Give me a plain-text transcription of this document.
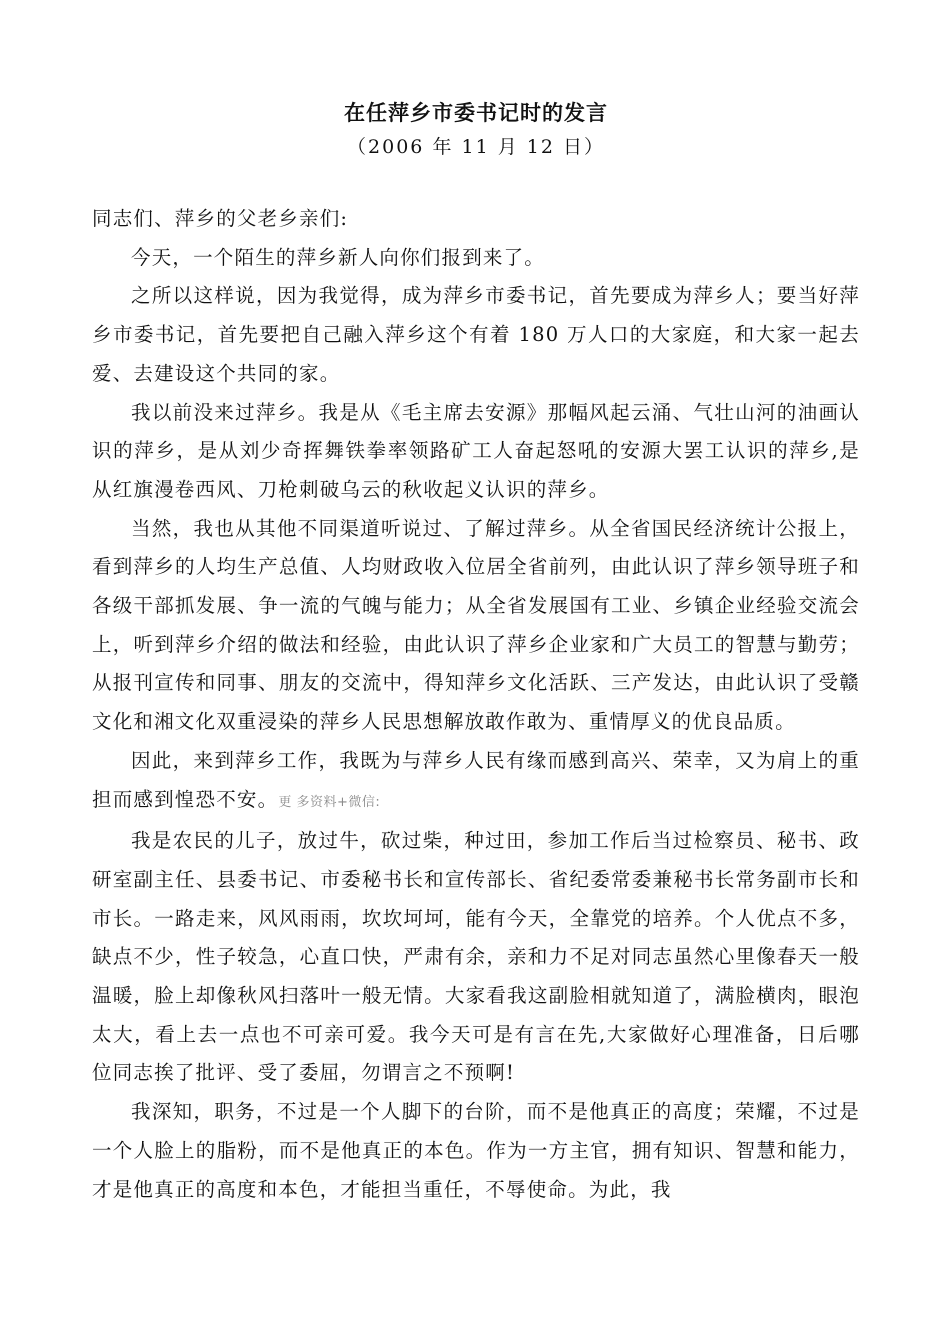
在任萍乡市委书记时的发言
（2006 年 11 月 12 日）

同志们、萍乡的父老乡亲们:

今天，一个陌生的萍乡新人向你们报到来了。

之所以这样说，因为我觉得，成为萍乡市委书记，首先要成为萍乡人；要当好萍乡市委书记，首先要把自己融入萍乡这个有着 180 万人口的大家庭，和大家一起去爱、去建设这个共同的家。

我以前没来过萍乡。我是从《毛主席去安源》那幅风起云涌、气壮山河的油画认识的萍乡，是从刘少奇挥舞铁拳率领路矿工人奋起怒吼的安源大罢工认识的萍乡,是从红旗漫卷西风、刀枪刺破乌云的秋收起义认识的萍乡。

当然，我也从其他不同渠道听说过、了解过萍乡。从全省国民经济统计公报上，看到萍乡的人均生产总值、人均财政收入位居全省前列，由此认识了萍乡领导班子和各级干部抓发展、争一流的气魄与能力；从全省发展国有工业、乡镇企业经验交流会上，听到萍乡介绍的做法和经验，由此认识了萍乡企业家和广大员工的智慧与勤劳；从报刊宣传和同事、朋友的交流中，得知萍乡文化活跃、三产发达，由此认识了受赣文化和湘文化双重浸染的萍乡人民思想解放敢作敢为、重情厚义的优良品质。

因此，来到萍乡工作，我既为与萍乡人民有缘而感到高兴、荣幸，又为肩上的重担而感到惶恐不安。更 多资料+微信:

我是农民的儿子，放过牛，砍过柴，种过田，参加工作后当过检察员、秘书、政研室副主任、县委书记、市委秘书长和宣传部长、省纪委常委兼秘书长常务副市长和市长。一路走来，风风雨雨，坎坎坷坷，能有今天，全靠党的培养。个人优点不多，缺点不少，性子较急，心直口快，严肃有余，亲和力不足对同志虽然心里像春天一般温暖，脸上却像秋风扫落叶一般无情。大家看我这副脸相就知道了，满脸横肉，眼泡太大，看上去一点也不可亲可爱。我今天可是有言在先,大家做好心理准备，日后哪位同志挨了批评、受了委屈，勿谓言之不预啊!

我深知，职务，不过是一个人脚下的台阶，而不是他真正的高度；荣耀，不过是一个人脸上的脂粉，而不是他真正的本色。作为一方主官，拥有知识、智慧和能力，才是他真正的高度和本色，才能担当重任，不辱使命。为此，我
